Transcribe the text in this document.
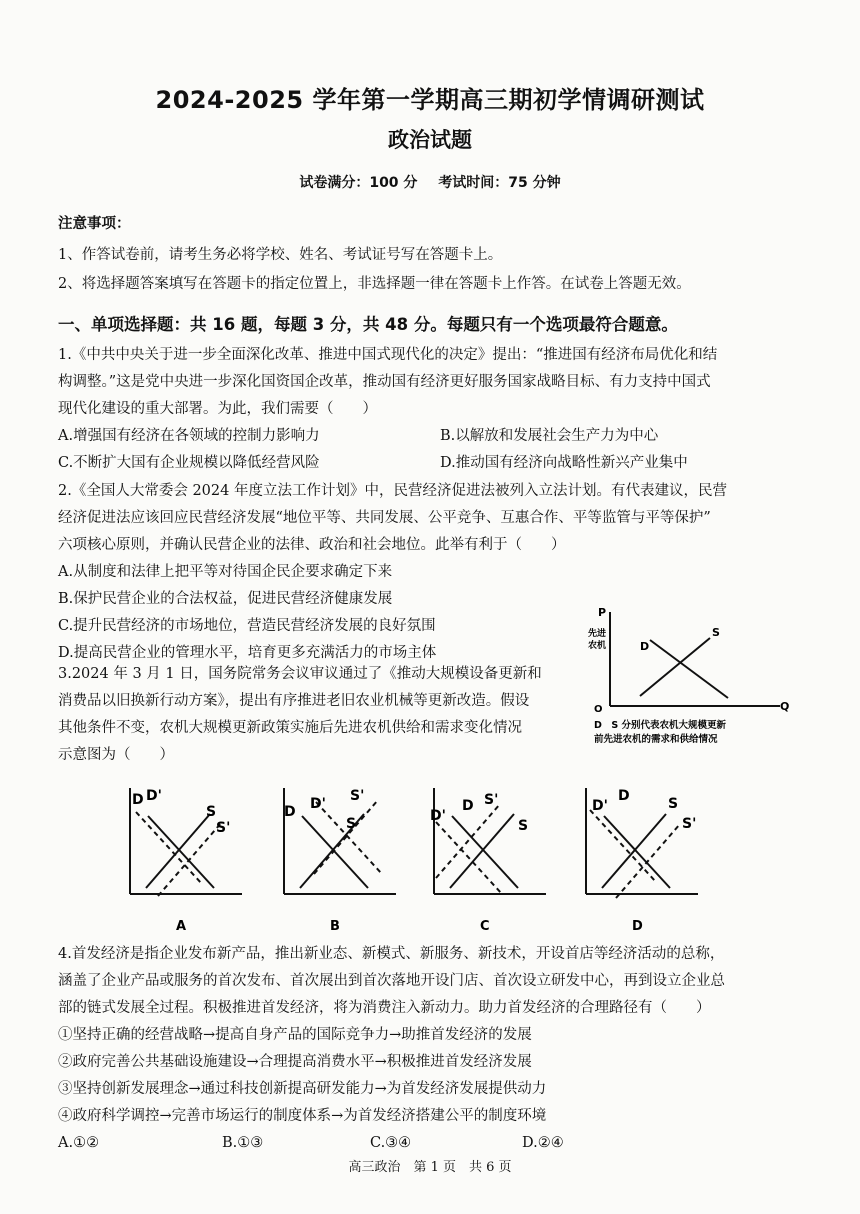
2024-2025 学年第一学期高三期初学情调研测试
政治试题
试卷满分：100 分 考试时间：75 分钟
注意事项：
1、作答试卷前，请考生务必将学校、姓名、考试证号写在答题卡上。
2、将选择题答案填写在答题卡的指定位置上，非选择题一律在答题卡上作答。在试卷上答题无效。
一、单项选择题：共 16 题，每题 3 分，共 48 分。每题只有一个选项最符合题意。
1.《中共中央关于进一步全面深化改革、推进中国式现代化的决定》提出：“推进国有经济布局优化和结
构调整。”这是党中央进一步深化国资国企改革，推动国有经济更好服务国家战略目标、有力支持中国式
现代化建设的重大部署。为此，我们需要（　　）
A.增强国有经济在各领域的控制力影响力	B.以解放和发展社会生产力为中心
C.不断扩大国有企业规模以降低经营风险	D.推动国有经济向战略性新兴产业集中
2.《全国人大常委会 2024 年度立法工作计划》中，民营经济促进法被列入立法计划。有代表建议，民营
经济促进法应该回应民营经济发展“地位平等、共同发展、公平竞争、互惠合作、平等监管与平等保护”
六项核心原则，并确认民营企业的法律、政治和社会地位。此举有利于（　　）
A.从制度和法律上把平等对待国企民企要求确定下来
B.保护民营企业的合法权益，促进民营经济健康发展
C.提升民营经济的市场地位，营造民营经济发展的良好氛围
D.提高民营企业的管理水平，培育更多充满活力的市场主体
3.2024 年 3 月 1 日，国务院常务会议审议通过了《推动大规模设备更新和
消费品以旧换新行动方案》，提出有序推进老旧农业机械等更新改造。假设
其他条件不变，农机大规模更新政策实施后先进农机供给和需求变化情况
示意图为（　　）
P
先进
农机
O	Q
D
S
D　S 分别代表农机大规模更新
前先进农机的需求和供给情况
D'
D
S
S'
A
D'
D
S
S'
B
D'
D
S
S'
C
D'
D	S
S'
D
4.首发经济是指企业发布新产品，推出新业态、新模式、新服务、新技术，开设首店等经济活动的总称，
涵盖了企业产品或服务的首次发布、首次展出到首次落地开设门店、首次设立研发中心，再到设立企业总
部的链式发展全过程。积极推进首发经济，将为消费注入新动力。助力首发经济的合理路径有（　　）
①坚持正确的经营战略→提高自身产品的国际竞争力→助推首发经济的发展
②政府完善公共基础设施建设→合理提高消费水平→积极推进首发经济发展
③坚持创新发展理念→通过科技创新提高研发能力→为首发经济发展提供动力
④政府科学调控→完善市场运行的制度体系→为首发经济搭建公平的制度环境
A.①②	B.①③	C.③④	D.②④
高三政治　第 1 页　共 6 页
